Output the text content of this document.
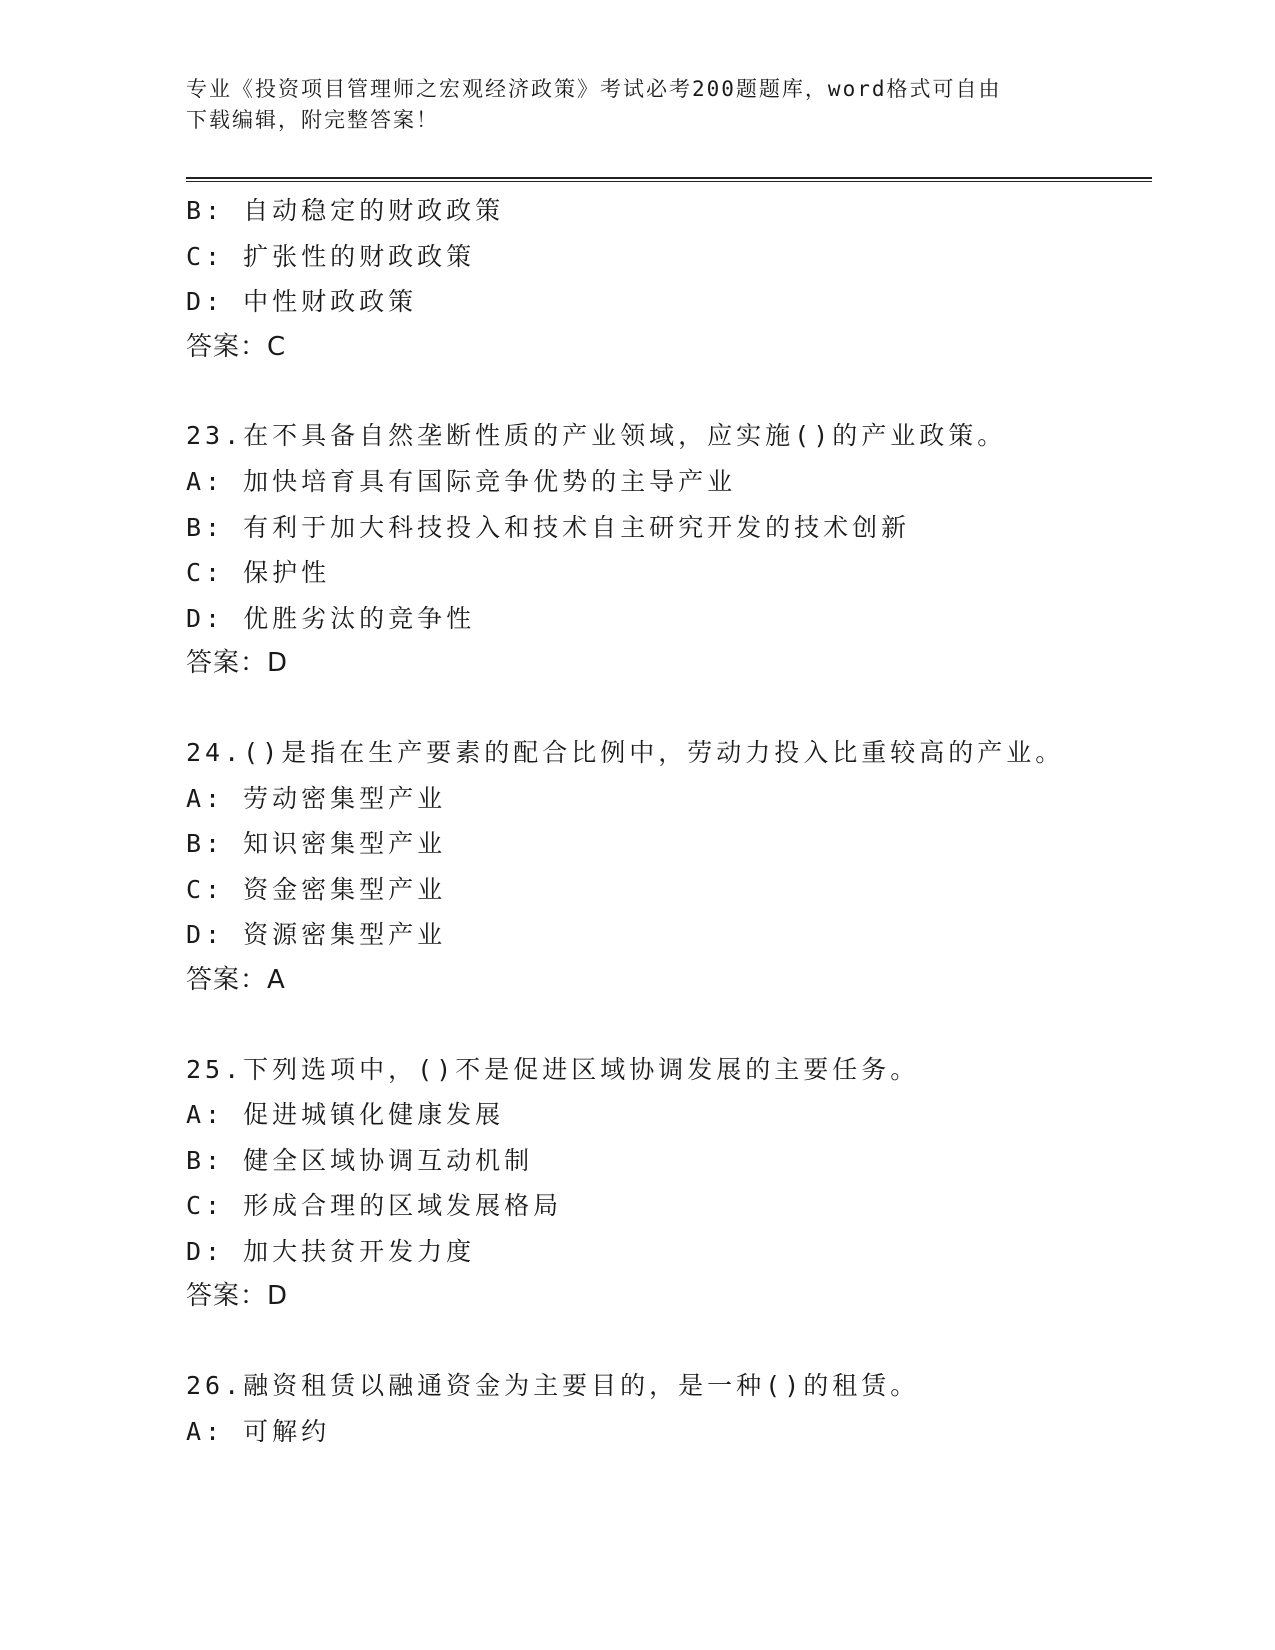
专业《投资项目管理师之宏观经济政策》考试必考200题题库，word格式可自由
下载编辑，附完整答案！
B: 自动稳定的财政政策
C: 扩张性的财政政策
D: 中性财政政策
答案：C
23.在不具备自然垄断性质的产业领域，应实施()的产业政策。
A: 加快培育具有国际竞争优势的主导产业
B: 有利于加大科技投入和技术自主研究开发的技术创新
C: 保护性
D: 优胜劣汰的竞争性
答案：D
24.()是指在生产要素的配合比例中，劳动力投入比重较高的产业。
A: 劳动密集型产业
B: 知识密集型产业
C: 资金密集型产业
D: 资源密集型产业
答案：A
25.下列选项中，()不是促进区域协调发展的主要任务。
A: 促进城镇化健康发展
B: 健全区域协调互动机制
C: 形成合理的区域发展格局
D: 加大扶贫开发力度
答案：D
26.融资租赁以融通资金为主要目的，是一种()的租赁。
A: 可解约
